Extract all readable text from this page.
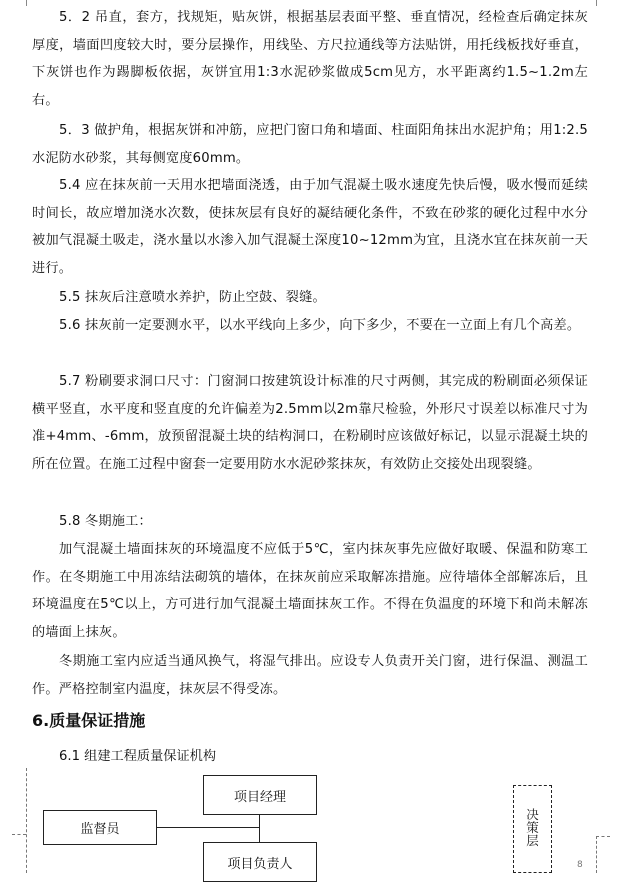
5．2 吊直，套方，找规矩，贴灰饼，根据基层表面平整、垂直情况，经检查后确定抹灰厚度，墙面凹度较大时，要分层操作，用线坠、方尺拉通线等方法贴饼，用托线板找好垂直，下灰饼也作为踢脚板依据，灰饼宜用1:3水泥砂浆做成5cm见方，水平距离约1.5~1.2m左右。

5．3 做护角，根据灰饼和冲筋，应把门窗口角和墙面、柱面阳角抹出水泥护角；用1:2.5水泥防水砂浆，其每侧宽度60mm。

5.4 应在抹灰前一天用水把墙面浇透，由于加气混凝土吸水速度先快后慢，吸水慢而延续时间长，故应增加浇水次数，使抹灰层有良好的凝结硬化条件，不致在砂浆的硬化过程中水分被加气混凝土吸走，浇水量以水渗入加气混凝土深度10~12mm为宜，且浇水宜在抹灰前一天进行。

5.5 抹灰后注意喷水养护，防止空鼓、裂缝。

5.6 抹灰前一定要测水平，以水平线向上多少，向下多少，不要在一立面上有几个高差。

5.7 粉刷要求洞口尺寸：门窗洞口按建筑设计标准的尺寸两侧，其完成的粉刷面必须保证横平竖直，水平度和竖直度的允许偏差为2.5mm以2m靠尺检验，外形尺寸误差以标准尺寸为准+4mm、-6mm，放预留混凝土块的结构洞口，在粉刷时应该做好标记，以显示混凝土块的所在位置。在施工过程中窗套一定要用防水水泥砂浆抹灰，有效防止交接处出现裂缝。

5.8 冬期施工：

加气混凝土墙面抹灰的环境温度不应低于5℃，室内抹灰事先应做好取暖、保温和防寒工作。在冬期施工中用冻结法砌筑的墙体，在抹灰前应采取解冻措施。应待墙体全部解冻后，且环境温度在5℃以上，方可进行加气混凝土墙面抹灰工作。不得在负温度的环境下和尚未解冻的墙面上抹灰。

冬期施工室内应适当通风换气，将湿气排出。应设专人负责开关门窗，进行保温、测温工作。严格控制室内温度，抹灰层不得受冻。

6.质量保证措施

6.1 组建工程质量保证机构

项目经理
监督员
项目负责人
决
策
层
8
